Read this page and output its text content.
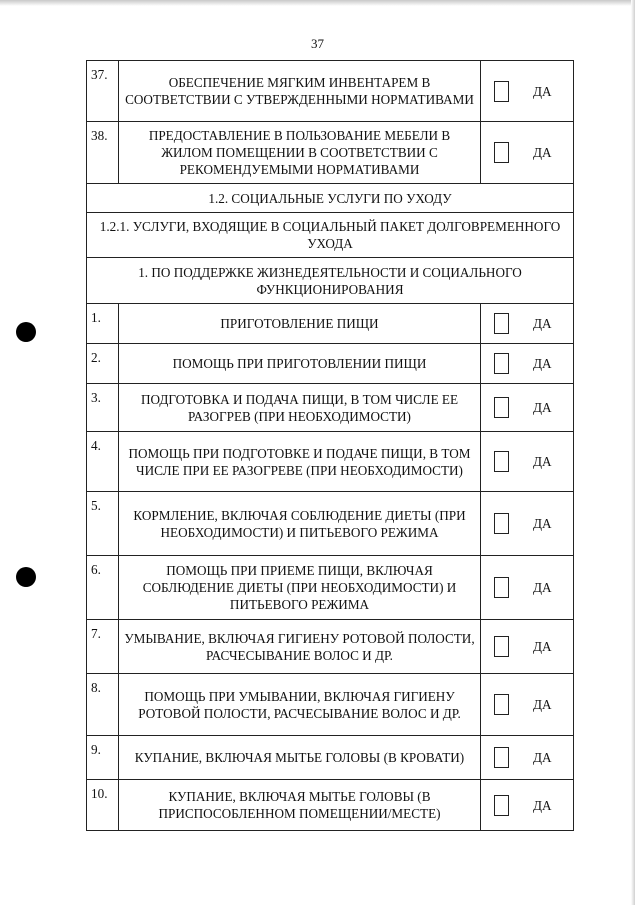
37
37.	ОБЕСПЕЧЕНИЕ МЯГКИМ ИНВЕНТАРЕМ В СООТВЕТСТВИИ С УТВЕРЖДЕННЫМИ НОРМАТИВАМИ	ДА

38.	ПРЕДОСТАВЛЕНИЕ В ПОЛЬЗОВАНИЕ МЕБЕЛИ В ЖИЛОМ ПОМЕЩЕНИИ В СООТВЕТСТВИИ С РЕКОМЕНДУЕМЫМИ НОРМАТИВАМИ	ДА

1.2. СОЦИАЛЬНЫЕ УСЛУГИ ПО УХОДУ		
1.2.1. УСЛУГИ, ВХОДЯЩИЕ В СОЦИАЛЬНЫЙ ПАКЕТ ДОЛГОВРЕМЕННОГО УХОДА		
1. ПО ПОДДЕРЖКЕ ЖИЗНЕДЕЯТЕЛЬНОСТИ И СОЦИАЛЬНОГО ФУНКЦИОНИРОВАНИЯ		
1.	ПРИГОТОВЛЕНИЕ ПИЩИ	ДА

2.	ПОМОЩЬ ПРИ ПРИГОТОВЛЕНИИ ПИЩИ	ДА

3.	ПОДГОТОВКА И ПОДАЧА ПИЩИ, В ТОМ ЧИСЛЕ ЕЕ РАЗОГРЕВ (ПРИ НЕОБХОДИМОСТИ)	ДА

4.	ПОМОЩЬ ПРИ ПОДГОТОВКЕ И ПОДАЧЕ ПИЩИ, В ТОМ ЧИСЛЕ ПРИ ЕЕ РАЗОГРЕВЕ (ПРИ НЕОБХОДИМОСТИ)	ДА

5.	КОРМЛЕНИЕ, ВКЛЮЧАЯ СОБЛЮДЕНИЕ ДИЕТЫ (ПРИ НЕОБХОДИМОСТИ) И ПИТЬЕВОГО РЕЖИМА	ДА

6.	ПОМОЩЬ ПРИ ПРИЕМЕ ПИЩИ, ВКЛЮЧАЯ СОБЛЮДЕНИЕ ДИЕТЫ (ПРИ НЕОБХОДИМОСТИ) И ПИТЬЕВОГО РЕЖИМА	ДА

7.	УМЫВАНИЕ, ВКЛЮЧАЯ ГИГИЕНУ РОТОВОЙ ПОЛОСТИ, РАСЧЕСЫВАНИЕ ВОЛОС И ДР.	ДА

8.	ПОМОЩЬ ПРИ УМЫВАНИИ, ВКЛЮЧАЯ ГИГИЕНУ РОТОВОЙ ПОЛОСТИ, РАСЧЕСЫВАНИЕ ВОЛОС И ДР.	ДА

9.	КУПАНИЕ, ВКЛЮЧАЯ МЫТЬЕ ГОЛОВЫ (В КРОВАТИ)	ДА

10.	КУПАНИЕ, ВКЛЮЧАЯ МЫТЬЕ ГОЛОВЫ (В ПРИСПОСОБЛЕННОМ ПОМЕЩЕНИИ/МЕСТЕ)	ДА
